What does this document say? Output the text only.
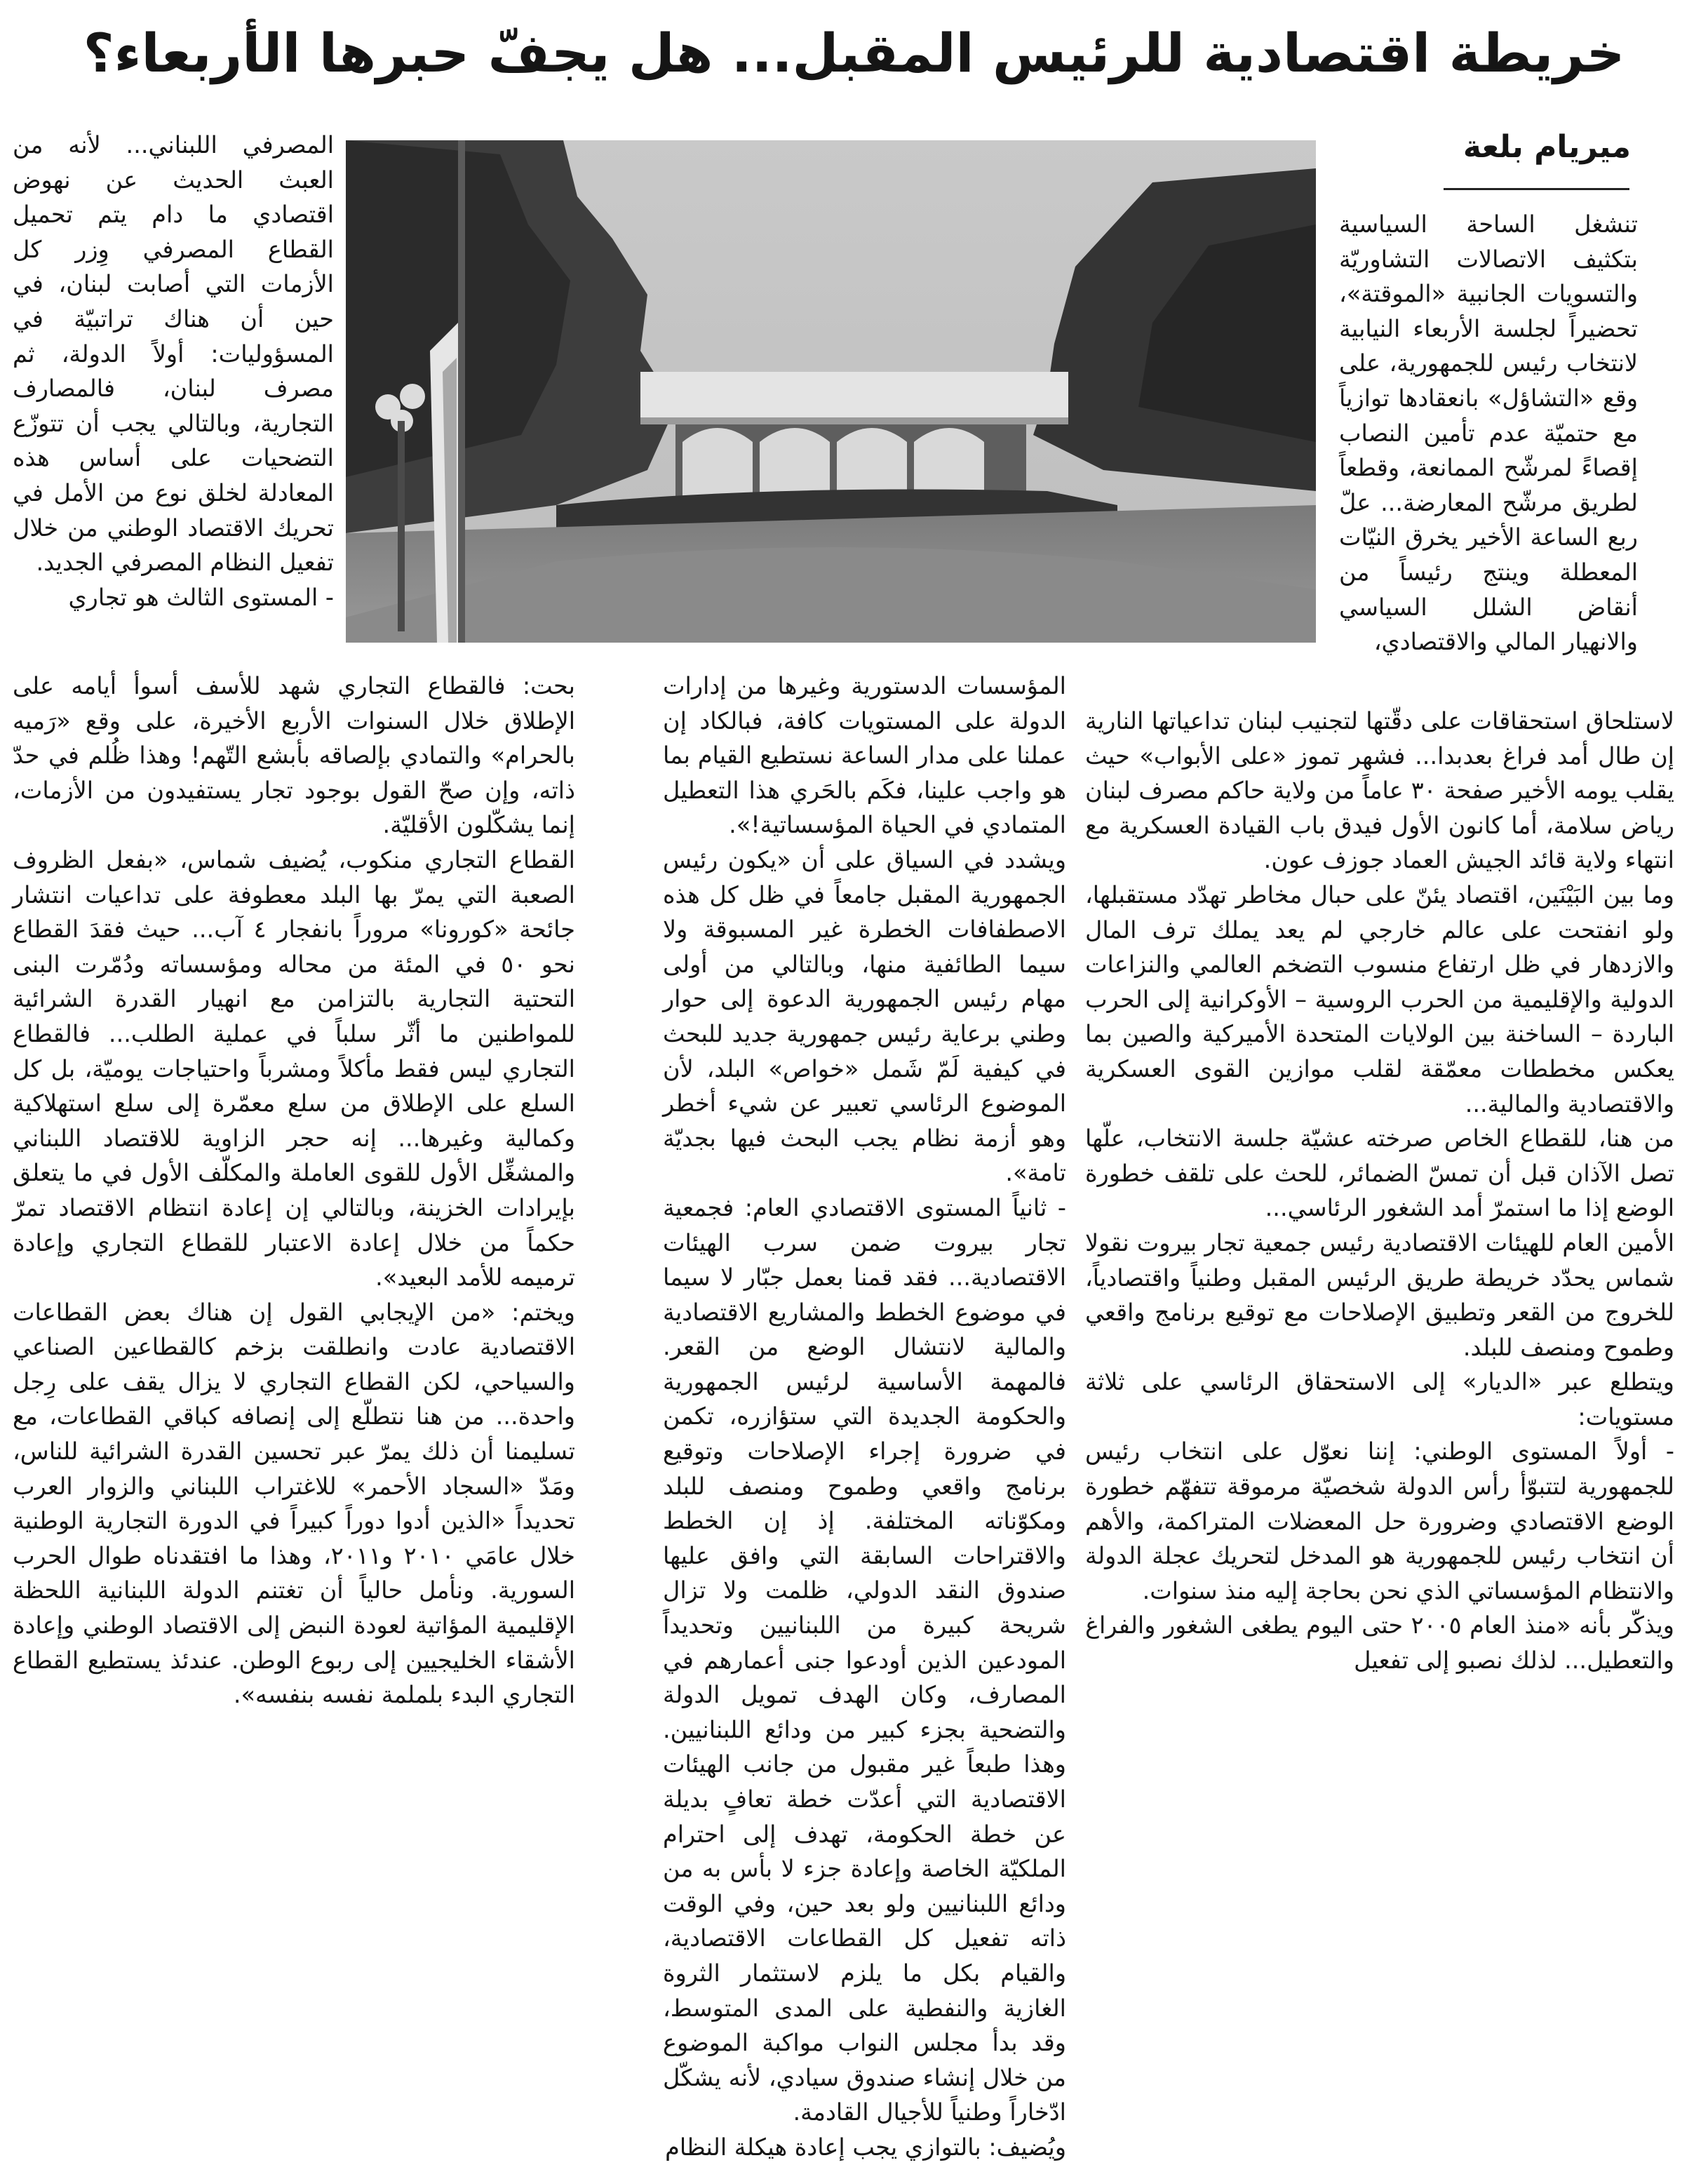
خريطة اقتصادية للرئيس المقبل... هل يجفّ حبرها الأربعاء؟
ميريام بلعة

تنشغل الساحة السياسية بتكثيف الاتصالات التشاوريّة والتسويات الجانبية «الموقتة»، تحضيراً لجلسة الأربعاء النيابية لانتخاب رئيس للجمهورية، على وقع «التشاؤل» بانعقادها توازياً مع حتميّة عدم تأمين النصاب إقصاءً لمرشّح الممانعة، وقطعاً لطريق مرشّح المعارضة... علّ ربع الساعة الأخير يخرق النيّات المعطلة وينتج رئيساً من أنقاض الشلل السياسي والانهيار المالي والاقتصادي،

لاستلحاق استحقاقات على دقّتها لتجنيب لبنان تداعياتها النارية إن طال أمد فراغ بعدبدا... فشهر تموز «على الأبواب» حيث يقلب يومه الأخير صفحة ٣٠ عاماً من ولاية حاكم مصرف لبنان رياض سلامة، أما كانون الأول فيدق باب القيادة العسكرية مع انتهاء ولاية قائد الجيش العماد جوزف عون.

وما بين البَيْنَين، اقتصاد يئنّ على حبال مخاطر تهدّد مستقبلها، ولو انفتحت على عالم خارجي لم يعد يملك ترف المال والازدهار في ظل ارتفاع منسوب التضخم العالمي والنزاعات الدولية والإقليمية من الحرب الروسية – الأوكرانية إلى الحرب الباردة – الساخنة بين الولايات المتحدة الأميركية والصين بما يعكس مخططات معمّقة لقلب موازين القوى العسكرية والاقتصادية والمالية...

من هنا، للقطاع الخاص صرخته عشيّة جلسة الانتخاب، علّها تصل الآذان قبل أن تمسّ الضمائر، للحث على تلقف خطورة الوضع إذا ما استمرّ أمد الشغور الرئاسي...

الأمين العام للهيئات الاقتصادية رئيس جمعية تجار بيروت نقولا شماس يحدّد خريطة طريق الرئيس المقبل وطنياً واقتصادياً، للخروج من القعر وتطبيق الإصلاحات مع توقيع برنامج واقعي وطموح ومنصف للبلد.

ويتطلع عبر «الديار» إلى الاستحقاق الرئاسي على ثلاثة مستويات:

- أولاً المستوى الوطني: إننا نعوّل على انتخاب رئيس للجمهورية لتتبوّأ رأس الدولة شخصيّة مرموقة تتفهّم خطورة الوضع الاقتصادي وضرورة حل المعضلات المتراكمة، والأهم أن انتخاب رئيس للجمهورية هو المدخل لتحريك عجلة الدولة والانتظام المؤسساتي الذي نحن بحاجة إليه منذ سنوات.

ويذكّر بأنه «منذ العام ٢٠٠٥ حتى اليوم يطغى الشغور والفراغ والتعطيل... لذلك نصبو إلى تفعيل

المؤسسات الدستورية وغيرها من إدارات الدولة على المستويات كافة، فبالكاد إن عملنا على مدار الساعة نستطيع القيام بما هو واجب علينا، فكَم بالحَري هذا التعطيل المتمادي في الحياة المؤسساتية!».

ويشدد في السياق على أن «يكون رئيس الجمهورية المقبل جامعاً في ظل كل هذه الاصطفافات الخطرة غير المسبوقة ولا سيما الطائفية منها، وبالتالي من أولى مهام رئيس الجمهورية الدعوة إلى حوار وطني برعاية رئيس جمهورية جديد للبحث في كيفية لَمّ شَمل «خواص» البلد، لأن الموضوع الرئاسي تعبير عن شيء أخطر وهو أزمة نظام يجب البحث فيها بجديّة تامة».

- ثانياً المستوى الاقتصادي العام: فجمعية تجار بيروت ضمن سرب الهيئات الاقتصادية... فقد قمنا بعمل جبّار لا سيما في موضوع الخطط والمشاريع الاقتصادية والمالية لانتشال الوضع من القعر. فالمهمة الأساسية لرئيس الجمهورية والحكومة الجديدة التي ستؤازره، تكمن في ضرورة إجراء الإصلاحات وتوقيع برنامج واقعي وطموح ومنصف للبلد ومكوّناته المختلفة. إذ إن الخطط والاقتراحات السابقة التي وافق عليها صندوق النقد الدولي، ظلمت ولا تزال شريحة كبيرة من اللبنانيين وتحديداً المودعين الذين أودعوا جنى أعمارهم في المصارف، وكان الهدف تمويل الدولة والتضحية بجزء كبير من ودائع اللبنانيين. وهذا طبعاً غير مقبول من جانب الهيئات الاقتصادية التي أعدّت خطة تعافٍ بديلة عن خطة الحكومة، تهدف إلى احترام الملكيّة الخاصة وإعادة جزء لا بأس به من ودائع اللبنانيين ولو بعد حين، وفي الوقت ذاته تفعيل كل القطاعات الاقتصادية، والقيام بكل ما يلزم لاستثمار الثروة الغازية والنفطية على المدى المتوسط، وقد بدأ مجلس النواب مواكبة الموضوع من خلال إنشاء صندوق سيادي، لأنه يشكّل ادّخاراً وطنياً للأجيال القادمة.

ويُضيف: بالتوازي يجب إعادة هيكلة النظام

المصرفي اللبناني... لأنه من العبث الحديث عن نهوض اقتصادي ما دام يتم تحميل القطاع المصرفي وِزر كل الأزمات التي أصابت لبنان، في حين أن هناك تراتبيّة في المسؤوليات: أولاً الدولة، ثم مصرف لبنان، فالمصارف التجارية، وبالتالي يجب أن تتوزّع التضحيات على أساس هذه المعادلة لخلق نوع من الأمل في تحريك الاقتصاد الوطني من خلال تفعيل النظام المصرفي الجديد.

- المستوى الثالث هو تجاري

بحت: فالقطاع التجاري شهد للأسف أسوأ أيامه على الإطلاق خلال السنوات الأربع الأخيرة، على وقع «رَميه بالحرام» والتمادي بإلصاقه بأبشع التّهم! وهذا ظُلم في حدّ ذاته، وإن صحّ القول بوجود تجار يستفيدون من الأزمات، إنما يشكّلون الأقليّة.

القطاع التجاري منكوب، يُضيف شماس، «بفعل الظروف الصعبة التي يمرّ بها البلد معطوفة على تداعيات انتشار جائحة «كورونا» مروراً بانفجار ٤ آب... حيث فقدَ القطاع نحو ٥٠ في المئة من محاله ومؤسساته ودُمّرت البنى التحتية التجارية بالتزامن مع انهيار القدرة الشرائية للمواطنين ما أثّر سلباً في عملية الطلب... فالقطاع التجاري ليس فقط مأكلاً ومشرباً واحتياجات يوميّة، بل كل السلع على الإطلاق من سلع معمّرة إلى سلع استهلاكية وكمالية وغيرها... إنه حجر الزاوية للاقتصاد اللبناني والمشغِّل الأول للقوى العاملة والمكلّف الأول في ما يتعلق بإيرادات الخزينة، وبالتالي إن إعادة انتظام الاقتصاد تمرّ حكماً من خلال إعادة الاعتبار للقطاع التجاري وإعادة ترميمه للأمد البعيد».

ويختم: «من الإيجابي القول إن هناك بعض القطاعات الاقتصادية عادت وانطلقت بزخم كالقطاعين الصناعي والسياحي، لكن القطاع التجاري لا يزال يقف على رِجل واحدة... من هنا نتطلّع إلى إنصافه كباقي القطاعات، مع تسليمنا أن ذلك يمرّ عبر تحسين القدرة الشرائية للناس، ومَدّ «السجاد الأحمر» للاغتراب اللبناني والزوار العرب تحديداً «الذين أدوا دوراً كبيراً في الدورة التجارية الوطنية خلال عامَي ٢٠١٠ و٢٠١١، وهذا ما افتقدناه طوال الحرب السورية. ونأمل حالياً أن تغتنم الدولة اللبنانية اللحظة الإقليمية المؤاتية لعودة النبض إلى الاقتصاد الوطني وإعادة الأشقاء الخليجيين إلى ربوع الوطن. عندئذ يستطيع القطاع التجاري البدء بلملمة نفسه بنفسه».
